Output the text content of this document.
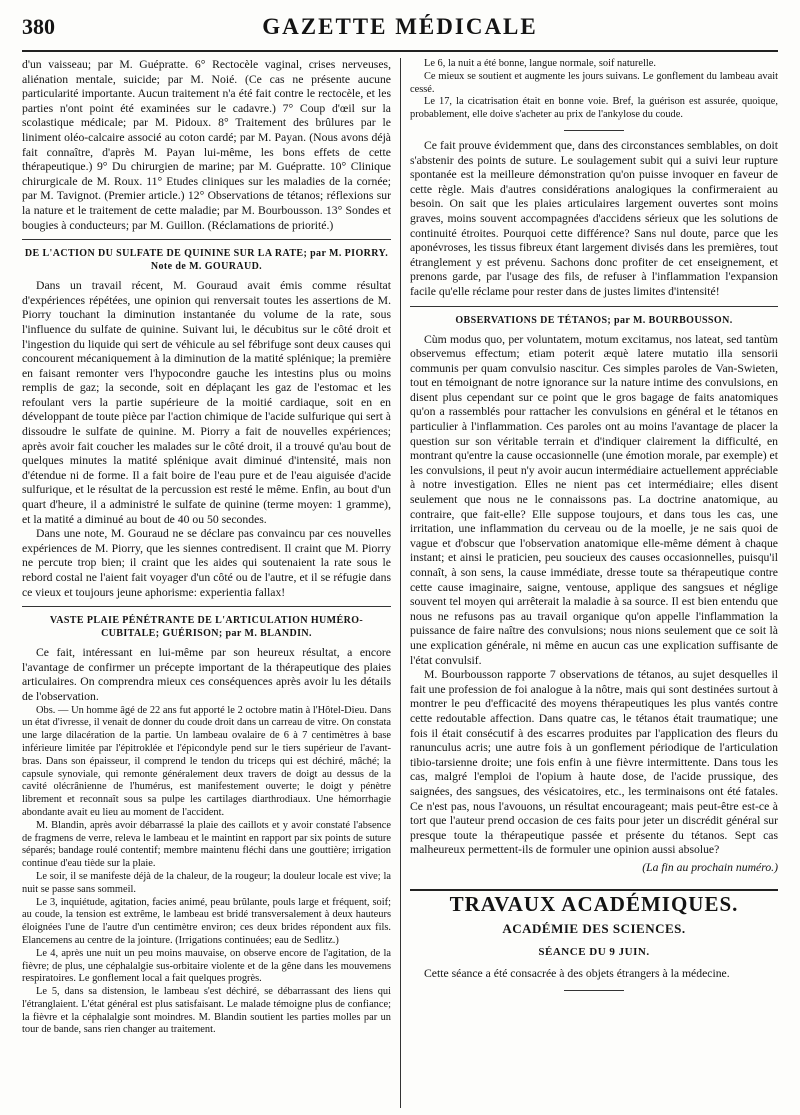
380	GAZETTE MÉDICALE

d'un vaisseau; par M. Guépratte. 6° Rectocèle vaginal, crises nerveuses, aliénation mentale, suicide; par M. Noié. (Ce cas ne présente aucune particularité importante. Aucun traitement n'a été fait contre le rectocèle, et les parties n'ont point été examinées sur le cadavre.) 7° Coup d'œil sur la scolastique médicale; par M. Pidoux. 8° Traitement des brûlures par le liniment oléo-calcaire associé au coton cardé; par M. Payan. (Nous avons déjà fait connaître, d'après M. Payan lui-même, les bons effets de cette thérapeutique.) 9° Du chirurgien de marine; par M. Guépratte. 10° Clinique chirurgicale de M. Roux. 11° Etudes cliniques sur les maladies de la cornée; par M. Tavignot. (Premier article.) 12° Observations de tétanos; réflexions sur la nature et le traitement de cette maladie; par M. Bourbousson. 13° Sondes et bougies à conducteurs; par M. Guillon. (Réclamations de priorité.)

DE L'ACTION DU SULFATE DE QUININE SUR LA RATE; par M. PIORRY.
Note de M. GOURAUD.

Dans un travail récent, M. Gouraud avait émis comme résultat d'expériences répétées, une opinion qui renversait toutes les assertions de M. Piorry touchant la diminution instantanée du volume de la rate, sous l'influence du sulfate de quinine. Suivant lui, le décubitus sur le côté droit et l'ingestion du liquide qui sert de véhicule au sel fébrifuge sont deux causes qui concourent mécaniquement à la diminution de la matité splénique; la première en faisant remonter vers l'hypocondre gauche les intestins plus ou moins remplis de gaz; la seconde, soit en déplaçant les gaz de l'estomac et les refoulant vers la partie supérieure de la moitié cardiaque, soit en en développant de toute pièce par l'action chimique de l'acide sulfurique qui sert à dissoudre le sulfate de quinine. M. Piorry a fait de nouvelles expériences; après avoir fait coucher les malades sur le côté droit, il a trouvé qu'au bout de quelques minutes la matité splénique avait diminué d'intensité, mais non d'étendue ni de forme. Il a fait boire de l'eau pure et de l'eau aiguisée d'acide sulfurique, et le résultat de la percussion est resté le même. Enfin, au bout d'un quart d'heure, il a administré le sulfate de quinine (terme moyen: 1 gramme), et la matité a diminué au bout de 40 ou 50 secondes.

Dans une note, M. Gouraud ne se déclare pas convaincu par ces nouvelles expériences de M. Piorry, que les siennes contredisent. Il craint que M. Piorry ne percute trop bien; il craint que les aides qui soutenaient la rate sous le rebord costal ne l'aient fait voyager d'un côté ou de l'autre, et il se réfugie dans ce vieux et toujours jeune aphorisme: experientia fallax!

VASTE PLAIE PÉNÉTRANTE DE L'ARTICULATION HUMÉRO-CUBITALE; GUÉRISON; par M. BLANDIN.

Ce fait, intéressant en lui-même par son heureux résultat, a encore l'avantage de confirmer un précepte important de la thérapeutique des plaies articulaires. On comprendra mieux ces conséquences après avoir lu les détails de l'observation.

Obs. — Un homme âgé de 22 ans fut apporté le 2 octobre matin à l'Hôtel-Dieu. Dans un état d'ivresse, il venait de donner du coude droit dans un carreau de vitre. On constata une large dilacération de la partie. Un lambeau ovalaire de 6 à 7 centimètres à base inférieure limitée par l'épitroklée et l'épicondyle pend sur le tiers supérieur de l'avant-bras. Dans son épaisseur, il comprend le tendon du triceps qui est déchiré, mâché; la capsule synoviale, qui remonte généralement deux travers de doigt au dessus de la cavité olécrânienne de l'humérus, est manifestement ouverte; le doigt y pénètre librement et reconnaît sous sa pulpe les cartilages diarthrodiaux. Une hémorrhagie abondante avait eu lieu au moment de l'accident.

M. Blandin, après avoir débarrassé la plaie des caillots et y avoir constaté l'absence de fragmens de verre, releva le lambeau et le maintint en rapport par six points de suture séparés; bandage roulé contentif; membre maintenu fléchi dans une gouttière; irrigation continue d'eau tiède sur la plaie.

Le soir, il se manifeste déjà de la chaleur, de la rougeur; la douleur locale est vive; la nuit se passe sans sommeil.

Le 3, inquiétude, agitation, facies animé, peau brûlante, pouls large et fréquent, soif; au coude, la tension est extrême, le lambeau est bridé transversalement à deux hauteurs éloignées l'une de l'autre d'un centimètre environ; ces deux brides répondent aux fils. Elancemens au centre de la jointure. (Irrigations continuées; eau de Sedlitz.)

Le 4, après une nuit un peu moins mauvaise, on observe encore de l'agitation, de la fièvre; de plus, une céphalalgie sus-orbitaire violente et de la gêne dans les mouvemens respiratoires. Le gonflement local a fait quelques progrès.

Le 5, dans sa distension, le lambeau s'est déchiré, se débarrassant des liens qui l'étranglaient. L'état général est plus satisfaisant. Le malade témoigne plus de confiance; la fièvre et la céphalalgie sont moindres. M. Blandin soutient les parties molles par un tour de bande, sans rien changer au traitement.

Le 6, la nuit a été bonne, langue normale, soif naturelle.

Ce mieux se soutient et augmente les jours suivans. Le gonflement du lambeau avait cessé.

Le 17, la cicatrisation était en bonne voie. Bref, la guérison est assurée, quoique, probablement, elle doive s'acheter au prix de l'ankylose du coude.

Ce fait prouve évidemment que, dans des circonstances semblables, on doit s'abstenir des points de suture. Le soulagement subit qui a suivi leur rupture spontanée est la meilleure démonstration qu'on puisse invoquer en faveur de cette règle. Mais d'autres considérations analogiques la confirmeraient au besoin. On sait que les plaies articulaires largement ouvertes sont moins graves, moins souvent accompagnées d'accidens sérieux que les solutions de continuité étroites. Pourquoi cette différence? Sans nul doute, parce que les aponévroses, les tissus fibreux étant largement divisés dans les premières, tout étranglement y est prévenu. Sachons donc profiter de cet enseignement, et prenons garde, par l'usage des fils, de refuser à l'inflammation l'expansion facile qu'elle réclame pour rester dans de justes limites d'intensité!

OBSERVATIONS DE TÉTANOS; par M. BOURBOUSSON.

Cùm modus quo, per voluntatem, motum excitamus, nos lateat, sed tantùm observemus effectum; etiam poterit æquè latere mutatio illa sensorii communis per quam convulsio nascitur. Ces simples paroles de Van-Swieten, tout en témoignant de notre ignorance sur la nature intime des convulsions, en disent plus cependant sur ce point que le gros bagage de faits anatomiques qu'on a rassemblés pour rattacher les convulsions en général et le tétanos en particulier à l'inflammation. Ces paroles ont au moins l'avantage de placer la question sur son véritable terrain et d'indiquer clairement la difficulté, en montrant qu'entre la cause occasionnelle (une émotion morale, par exemple) et les convulsions, il peut n'y avoir aucun intermédiaire actuellement appréciable à notre investigation. Elles ne nient pas cet intermédiaire; elles disent seulement que nous ne le connaissons pas. La doctrine anatomique, au contraire, que fait-elle? Elle suppose toujours, et dans tous les cas, une irritation, une inflammation du cerveau ou de la moelle, je ne sais quoi de vague et d'obscur que l'observation anatomique elle-même dément à chaque instant; et ainsi le praticien, peu soucieux des causes occasionnelles, puisqu'il connaît, à son sens, la cause immédiate, dresse toute sa thérapeutique contre cette cause imaginaire, saigne, ventouse, applique des sangsues et néglige souvent tel moyen qui arrêterait la maladie à sa source. Il est bien entendu que nous ne refusons pas au travail organique qu'on appelle l'inflammation la puissance de faire naître des convulsions; nous nions seulement que ce soit là une explication générale, ni même en aucun cas une explication suffisante de l'état convulsif.

M. Bourbousson rapporte 7 observations de tétanos, au sujet desquelles il fait une profession de foi analogue à la nôtre, mais qui sont destinées surtout à montrer le peu d'efficacité des moyens thérapeutiques les plus vantés contre cette redoutable affection. Dans quatre cas, le tétanos était traumatique; une fois il était consécutif à des escarres produites par l'application des fleurs du ranunculus acris; une autre fois à un gonflement périodique de l'articulation tibio-tarsienne droite; une fois enfin à une fièvre intermittente. Dans tous les cas, malgré l'emploi de l'opium à haute dose, de l'acide prussique, des saignées, des sangsues, des vésicatoires, etc., les terminaisons ont été fatales. Ce n'est pas, nous l'avouons, un résultat encourageant; mais peut-être est-ce à tort que l'auteur prend occasion de ces faits pour jeter un discrédit général sur presque toute la thérapeutique passée et présente du tétanos. Sept cas malheureux permettent-ils de formuler une opinion aussi absolue?

(La fin au prochain numéro.)
TRAVAUX ACADÉMIQUES.
ACADÉMIE DES SCIENCES.
SÉANCE DU 9 JUIN.

Cette séance a été consacrée à des objets étrangers à la médecine.
